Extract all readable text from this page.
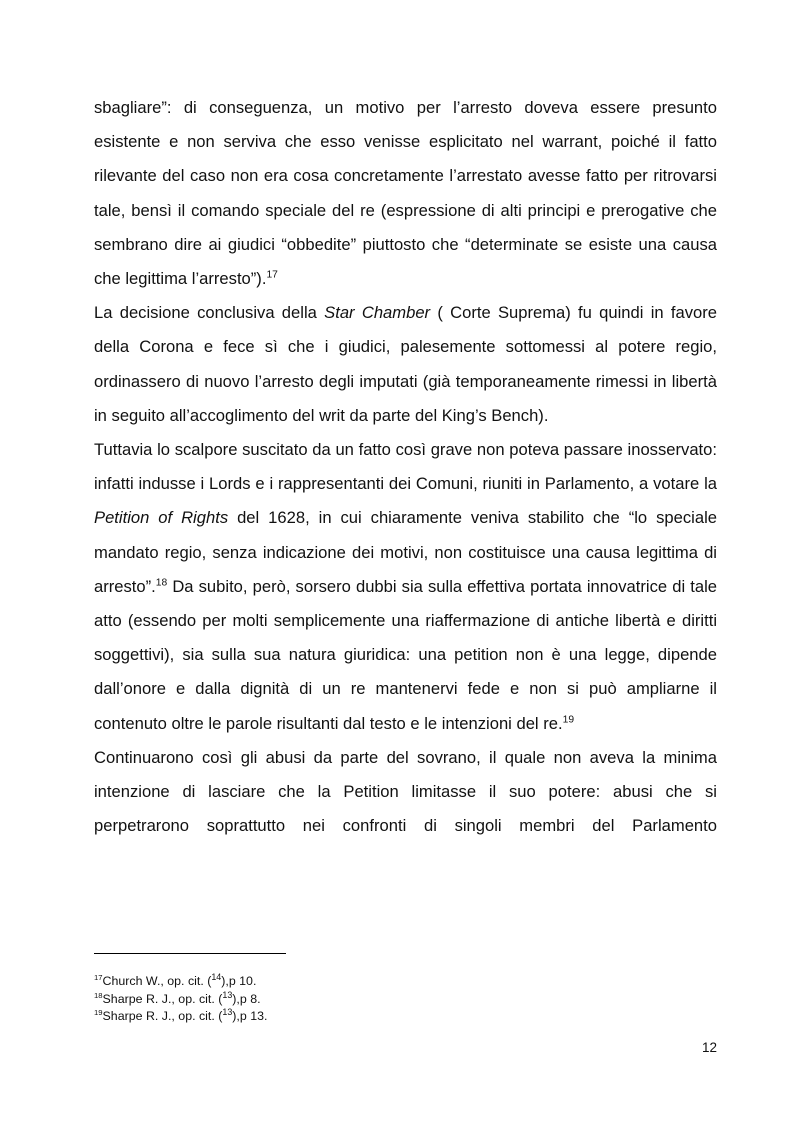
sbagliare”: di conseguenza, un motivo per l’arresto doveva essere presunto esistente e non serviva che esso venisse esplicitato nel warrant, poiché il fatto rilevante del caso non era cosa concretamente l’arrestato avesse fatto per ritrovarsi tale, bensì il comando speciale del re (espressione di alti principi e prerogative che sembrano dire ai giudici “obbedite” piuttosto che “determinate se esiste una causa che legittima l’arresto”).$^{17}$

La decisione conclusiva della Star Chamber ( Corte Suprema) fu quindi in favore della Corona e fece sì che i giudici, palesemente sottomessi al potere regio, ordinassero di nuovo l’arresto degli imputati (già temporaneamente rimessi in libertà in seguito all’accoglimento del writ da parte del King’s Bench).

Tuttavia lo scalpore suscitato da un fatto così grave non poteva passare inosservato: infatti indusse i Lords e i rappresentanti dei Comuni, riuniti in Parlamento, a votare la Petition of Rights del 1628, in cui chiaramente veniva stabilito che “lo speciale mandato regio, senza indicazione dei motivi, non costituisce una causa legittima di arresto”.$^{18}$ Da subito, però, sorsero dubbi sia sulla effettiva portata innovatrice di tale atto (essendo per molti semplicemente una riaffermazione di antiche libertà e diritti soggettivi), sia sulla sua natura giuridica: una petition non è una legge, dipende dall’onore e dalla dignità di un re mantenervi fede e non si può ampliarne il contenuto oltre le parole risultanti dal testo e le intenzioni del re.$^{19}$

Continuarono così gli abusi da parte del sovrano, il quale non aveva la minima intenzione di lasciare che la Petition limitasse il suo potere: abusi che si perpetrarono soprattutto nei confronti di singoli membri del Parlamento

$^{17}$Church W., op. cit. ($^{14}$),p 10.
$^{18}$Sharpe R. J., op. cit. ($^{13}$),p 8.
$^{19}$Sharpe R. J., op. cit. ($^{13}$),p 13.
12
